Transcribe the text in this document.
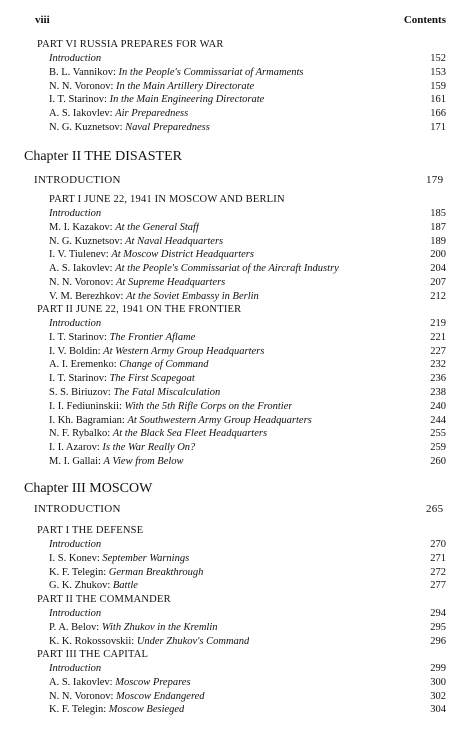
viii	Contents
PART VI RUSSIA PREPARES FOR WAR
Introduction	152
B. L. Vannikov: In the People's Commissariat of Armaments	153
N. N. Voronov: In the Main Artillery Directorate	159
I. T. Starinov: In the Main Engineering Directorate	161
A. S. Iakovlev: Air Preparedness	166
N. G. Kuznetsov: Naval Preparedness	171
Chapter II THE DISASTER
INTRODUCTION	179
PART I JUNE 22, 1941 IN MOSCOW AND BERLIN
Introduction	185
M. I. Kazakov: At the General Staff	187
N. G. Kuznetsov: At Naval Headquarters	189
I. V. Tiulenev: At Moscow District Headquarters	200
A. S. Iakovlev: At the People's Commissariat of the Aircraft Industry	204
N. N. Voronov: At Supreme Headquarters	207
V. M. Berezhkov: At the Soviet Embassy in Berlin	212
PART II JUNE 22, 1941 ON THE FRONTIER
Introduction	219
I. T. Starinov: The Frontier Aflame	221
I. V. Boldin: At Western Army Group Headquarters	227
A. I. Eremenko: Change of Command	232
I. T. Starinov: The First Scapegoat	236
S. S. Biriuzov: The Fatal Miscalculation	238
I. I. Fediuninskii: With the 5th Rifle Corps on the Frontier	240
I. Kh. Bagramian: At Southwestern Army Group Headquarters	244
N. F. Rybalko: At the Black Sea Fleet Headquarters	255
I. I. Azarov: Is the War Really On?	259
M. I. Gallai: A View from Below	260
Chapter III MOSCOW
INTRODUCTION	265
PART I THE DEFENSE
Introduction	270
I. S. Konev: September Warnings	271
K. F. Telegin: German Breakthrough	272
G. K. Zhukov: Battle	277
PART II THE COMMANDER
Introduction	294
P. A. Belov: With Zhukov in the Kremlin	295
K. K. Rokossovskii: Under Zhukov's Command	296
PART III THE CAPITAL
Introduction	299
A. S. Iakovlev: Moscow Prepares	300
N. N. Voronov: Moscow Endangered	302
K. F. Telegin: Moscow Besieged	304
